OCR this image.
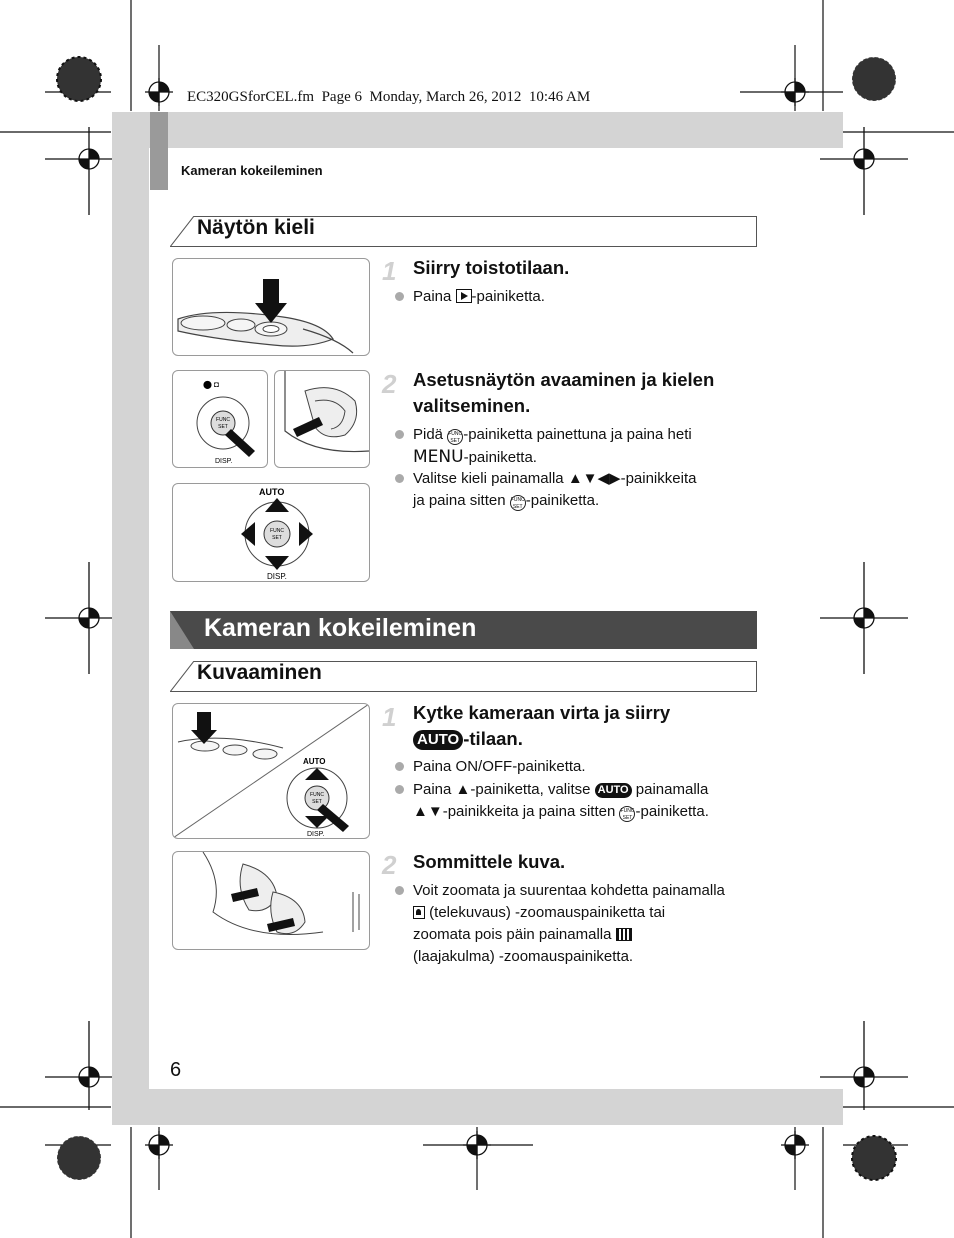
EC320GSforCEL.fm  Page 6  Monday, March 26, 2012  10:46 AM
Kameran kokeileminen
Näytön kieli
1 Siirry toistotilaan.
Paina -painiketta.
⬤ ◘
FUNC
SET
DISP.
AUTO
FUNC
SET
DISP.
2 Asetusnäytön avaaminen ja kielen
valitseminen.
Pidä FUNC
SET -painiketta painettuna ja paina heti
MENU-painiketta.
Valitse kieli painamalla ▲▼◀▶-painikkeita
ja paina sitten FUNC
SET -painiketta.
Kameran kokeileminen
Kuvaaminen
AUTO
FUNC
SET
DISP.
1 Kytke kameraan virta ja siirry
AUTO -tilaan.
Paina ON/OFF-painiketta.
Paina ▲-painiketta, valitse AUTO painamalla
▲▼-painikkeita ja paina sitten FUNC
SET -painiketta.
2 Sommittele kuva.
Voit zoomata ja suurentaa kohdetta painamalla

(telekuvaus) -zoomauspainiketta tai
zoomata pois päin painamalla
(laajakulma) -zoomauspainiketta.
6
